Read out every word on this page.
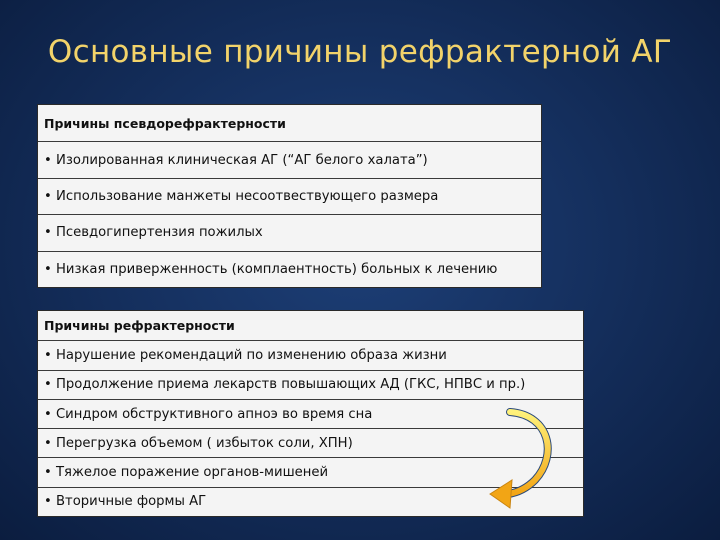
Основные причины рефрактерной АГ
Причины псевдорефрактерности
• Изолированная клиническая АГ (“АГ белого халата”)
• Использование манжеты несоотвествующего размера
• Псевдогипертензия пожилых
• Низкая приверженность (комплаентность) больных к лечению
Причины рефрактерности
• Нарушение рекомендаций по изменению образа жизни
• Продолжение приема лекарств повышающих АД (ГКС, НПВС и пр.)
• Синдром обструктивного апноэ во время сна
• Перегрузка объемом ( избыток соли, ХПН)
• Тяжелое поражение органов-мишеней
• Вторичные формы АГ
